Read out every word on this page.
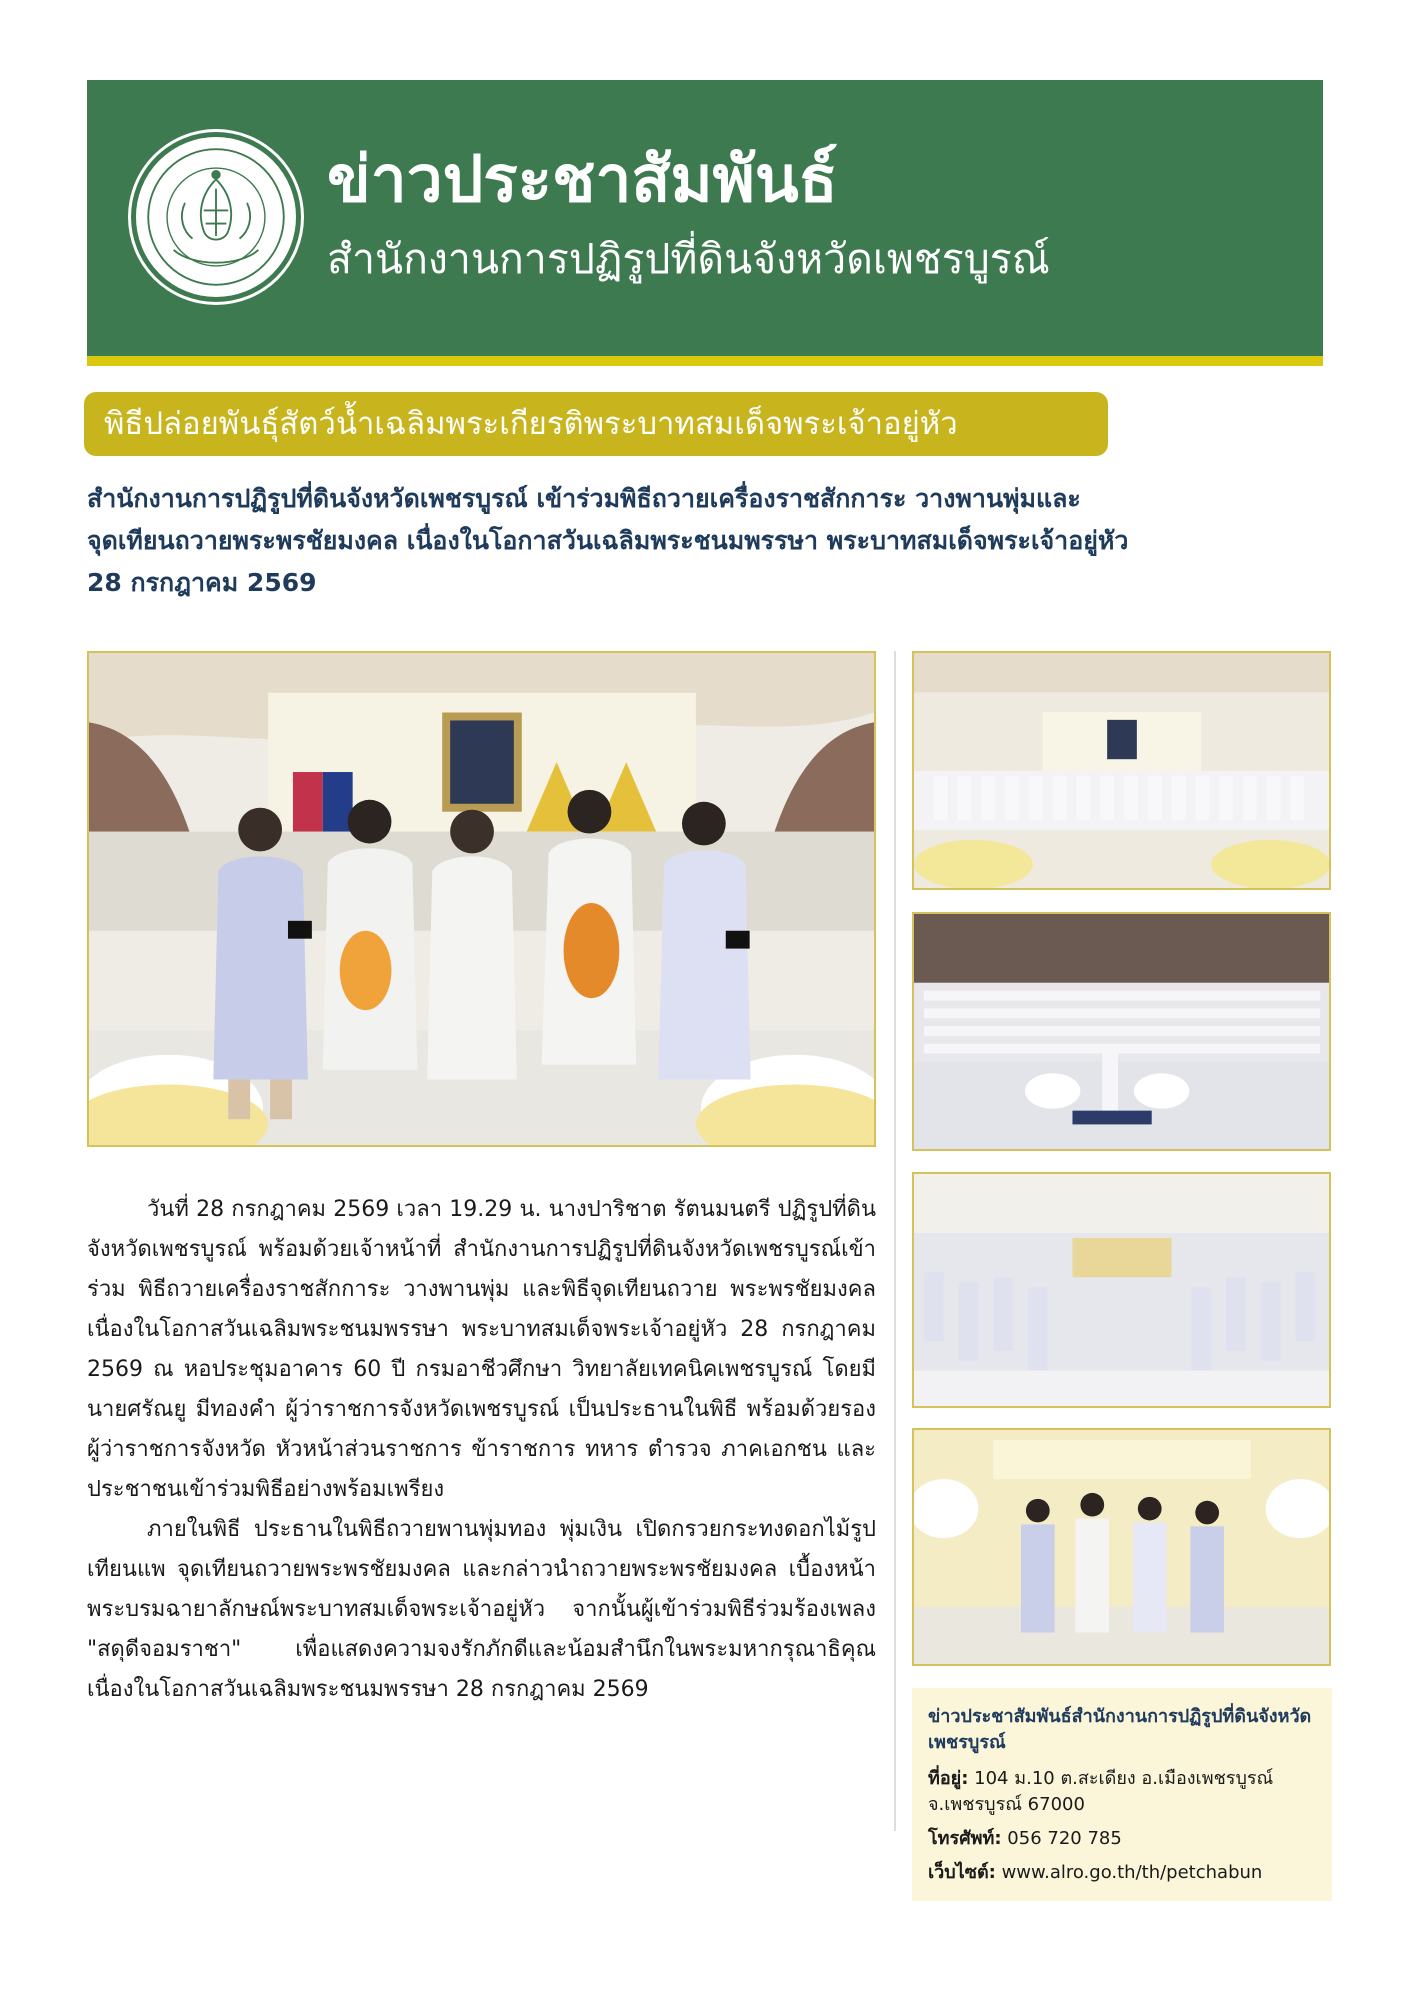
ข่าวประชาสัมพันธ์
สำนักงานการปฏิรูปที่ดินจังหวัดเพชรบูรณ์
พิธีปล่อยพันธุ์สัตว์น้ำเฉลิมพระเกียรติพระบาทสมเด็จพระเจ้าอยู่หัว
สำนักงานการปฏิรูปที่ดินจังหวัดเพชรบูรณ์ เข้าร่วมพิธีถวายเครื่องราชสักการะ วางพานพุ่มและ
จุดเทียนถวายพระพรชัยมงคล เนื่องในโอกาสวันเฉลิมพระชนมพรรษา พระบาทสมเด็จพระเจ้าอยู่หัว
28 กรกฎาคม 2569

วันที่ 28 กรกฎาคม 2569 เวลา 19.29 น. นางปาริชาต รัตนมนตรี ปฏิรูปที่ดินจังหวัดเพชรบูรณ์ พร้อมด้วยเจ้าหน้าที่ สำนักงานการปฏิรูปที่ดินจังหวัดเพชรบูรณ์เข้าร่วม พิธีถวายเครื่องราชสักการะ วางพานพุ่ม และพิธีจุดเทียนถวาย พระพรชัยมงคล เนื่องในโอกาสวันเฉลิมพระชนมพรรษา พระบาทสมเด็จพระเจ้าอยู่หัว 28 กรกฎาคม 2569 ณ หอประชุมอาคาร 60 ปี กรมอาชีวศึกษา วิทยาลัยเทคนิคเพชรบูรณ์ โดยมี นายศรัณยู มีทองคำ ผู้ว่าราชการจังหวัดเพชรบูรณ์ เป็นประธานในพิธี พร้อมด้วยรองผู้ว่าราชการจังหวัด หัวหน้าส่วนราชการ ข้าราชการ ทหาร ตำรวจ ภาคเอกชน และประชาชนเข้าร่วมพิธีอย่างพร้อมเพรียง

ภายในพิธี ประธานในพิธีถวายพานพุ่มทอง พุ่มเงิน เปิดกรวยกระทงดอกไม้รูปเทียนแพ จุดเทียนถวายพระพรชัยมงคล และกล่าวนำถวายพระพรชัยมงคล เบื้องหน้าพระบรมฉายาลักษณ์พระบาทสมเด็จพระเจ้าอยู่หัว จากนั้นผู้เข้าร่วมพิธีร่วมร้องเพลง "สดุดีจอมราชา" เพื่อแสดงความจงรักภักดีและน้อมสำนึกในพระมหากรุณาธิคุณ เนื่องในโอกาสวันเฉลิมพระชนมพรรษา 28 กรกฎาคม 2569

ข่าวประชาสัมพันธ์สำนักงานการปฏิรูปที่ดินจังหวัดเพชรบูรณ์
ที่อยู่: 104 ม.10 ต.สะเดียง อ.เมืองเพชรบูรณ์ จ.เพชรบูรณ์ 67000
โทรศัพท์: 056 720 785
เว็บไซต์: www.alro.go.th/th/petchabun
